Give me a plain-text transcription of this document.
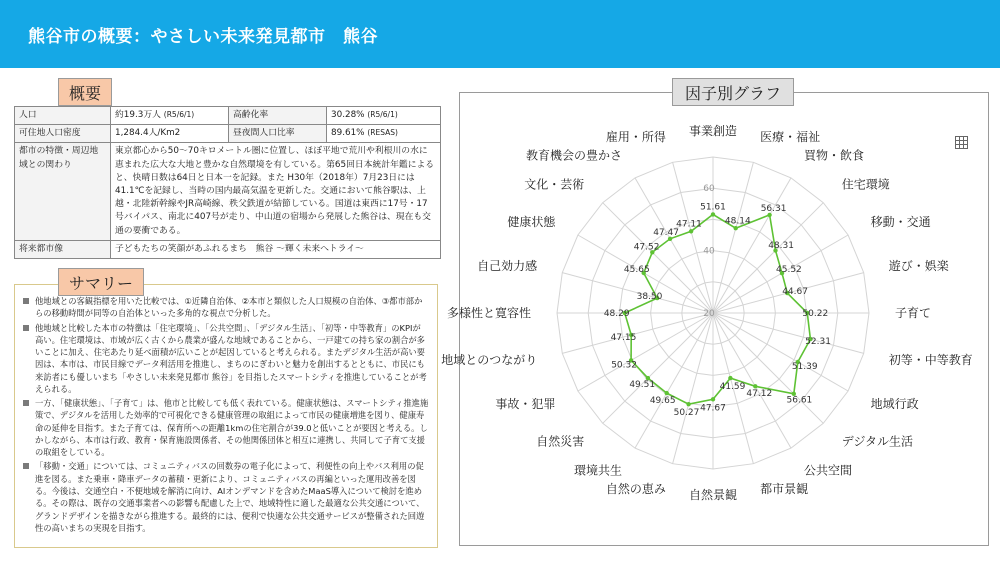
熊谷市の概要：やさしい未来発見都市　熊谷
概要
人口	約19.3万人 (R5/6/1)	高齢化率	30.28% (R5/6/1)
可住地人口密度	1,284.4人/Km2	昼夜間人口比率	89.61% (RESAS)
都市の特徴・周辺地域との関わり	東京都心から50～70キロメートル圏に位置し、ほぼ平地で荒川や利根川の水に恵まれた広大な大地と豊かな自然環境を有している。第65回日本統計年鑑によると、快晴日数は64日と日本一を記録。また H30年（2018年）7月23日には41.1℃を記録し、当時の国内最高気温を更新した。交通において熊谷駅は、上越・北陸新幹線やJR高崎線、秩父鉄道が結節している。国道は東西に17号・17号バイパス、南北に407号が走り、中山道の宿場から発展した熊谷は、現在も交通の要衝である。		
将来都市像	子どもたちの笑顔があふれるまち　熊谷 〜輝く未来へトライ〜		
サマリー
他地域との客観指標を用いた比較では、①近隣自治体、②本市と類似した人口規模の自治体、③都市部からの移動時間が同等の自治体といった多角的な視点で分析した。
他地域と比較した本市の特徴は「住宅環境」、「公共空間」、「デジタル生活」、「初等・中等教育」のKPIが高い。住宅環境は、市域が広く古くから農業が盛んな地域であることから、一戸建ての持ち家の割合が多いことに加え、住宅あたり延べ面積が広いことが起因していると考えられる。またデジタル生活が高い要因は、本市は、市民目線でデータ利活用を推進し、まちのにぎわいと魅力を創出するとともに、市民にも来訪者にも優しいまち「やさしい未来発見都市 熊谷」を目指したスマートシティを推進していることが考えられる。
一方、「健康状態」、「子育て」は、他市と比較しても低く表れている。健康状態は、スマートシティ推進施策で、デジタルを活用した効率的で可視化できる健康管理の取組によって市民の健康増進を図り、健康寿命の延伸を目指す。また子育ては、保育所への距離1kmの住宅割合が39.0と低いことが要因と考える。しかしながら、本市は行政、教育・保育施設関係者、その他関係団体と相互に連携し、共同して子育て支援の取組をしている。
「移動・交通」については、コミュニティバスの回数券の電子化によって、利便性の向上やバス利用の促進を図る。また乗車・降車データの蓄積・更新により、コミュニティバスの再編といった運用改善を図る。今後は、交通空白・不便地域を解消に向け、AIオンデマンドを含めたMaaS導入について検討を進める。その際は、既存の交通事業者への影響も配慮した上で、地域特性に適した最適な公共交通について、グランドデザインを描きながら推進する。最終的には、便利で快適な公共交通サービスが整備された回遊性の高いまちの実現を目指す。
因子別グラフ
60
40
20
51.61
48.14
56.31
48.31
45.52
44.67
50.22
52.31
51.39
56.61
47.12
41.59
47.67
50.27
49.65
49.51
50.32
47.15
48.29
38.50
45.65
47.52
47.47
47.11
事業創造 医療・福祉
買物・飲食
住宅環境
移動・交通
遊び・娯楽
子育て
初等・中等教育
地域行政
デジタル生活
公共空間
都市景観
自然景観
自然の恵み
環境共生
自然災害
事故・犯罪
地域とのつながり
多様性と寛容性
自己効力感
健康状態
文化・芸術
教育機会の豊かさ
雇用・所得
